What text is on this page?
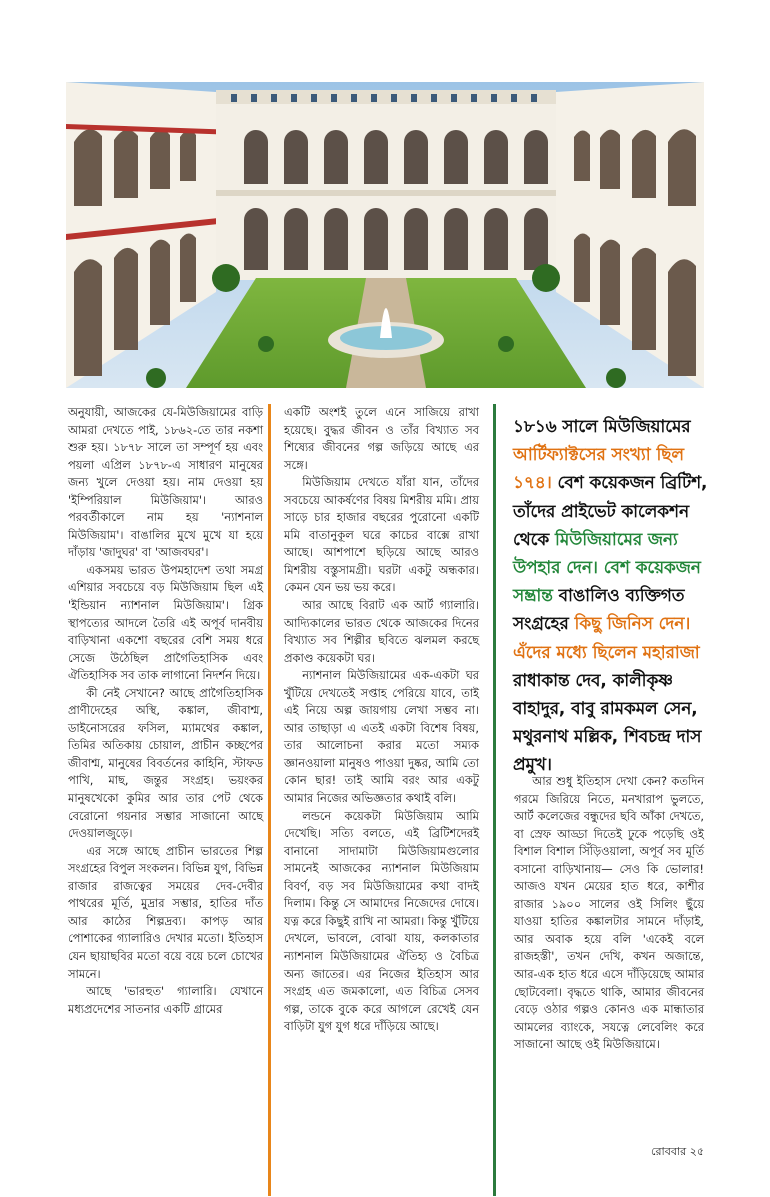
অনুযায়ী, আজকের যে-মিউজিয়ামের বাড়ি আমরা দেখতে পাই, ১৮৬২-তে তার নকশা শুরু হয়। ১৮৭৮ সালে তা সম্পূর্ণ হয় এবং পয়লা এপ্রিল ১৮৭৮-এ সাধারণ মানুষের জন্য খুলে দেওয়া হয়। নাম দেওয়া হয় 'ইম্পিরিয়াল মিউজিয়াম'। আরও পরবর্তীকালে নাম হয় 'ন্যাশনাল মিউজিয়াম'। বাঙালির মুখে মুখে যা হয়ে দাঁড়ায় 'জাদুঘর' বা 'আজবঘর'।

একসময় ভারত উপমহাদেশ তথা সমগ্র এশিয়ার সবচেয়ে বড় মিউজিয়াম ছিল এই 'ইন্ডিয়ান ন্যাশনাল মিউজিয়াম'। গ্রিক স্থাপত্যের আদলে তৈরি এই অপূর্ব দানবীয় বাড়িখানা একশো বছরের বেশি সময় ধরে সেজে উঠেছিল প্রাগৈতিহাসিক এবং ঐতিহাসিক সব তাক লাগানো নিদর্শন দিয়ে।

কী নেই সেখানে? আছে প্রাগৈতিহাসিক প্রাণীদেহের অস্থি, কঙ্কাল, জীবাশ্ম, ডাইনোসরের ফসিল, ম্যামথের কঙ্কাল, তিমির অতিকায় চোয়াল, প্রাচীন কচ্ছপের জীবাশ্ম, মানুষের বিবর্তনের কাহিনি, স্টাফড পাখি, মাছ, জন্তুর সংগ্রহ। ভয়ংকর মানুষখেকো কুমির আর তার পেট থেকে বেরোনো গয়নার সম্ভার সাজানো আছে দেওয়ালজুড়ে।

এর সঙ্গে আছে প্রাচীন ভারতের শিল্প সংগ্রহের বিপুল সংকলন। বিভিন্ন যুগ, বিভিন্ন রাজার রাজত্বের সময়ের দেব-দেবীর পাথরের মূর্তি, মুদ্রার সম্ভার, হাতির দাঁত আর কাঠের শিল্পদ্রব্য। কাপড় আর পোশাকের গ্যালারিও দেখার মতো। ইতিহাস যেন ছায়াছবির মতো বয়ে বয়ে চলে চোখের সামনে।

আছে 'ভারহুত' গ্যালারি। যেখানে মধ্যপ্রদেশের সাতনার একটি গ্রামের

একটি অংশই তুলে এনে সাজিয়ে রাখা হয়েছে। বুদ্ধর জীবন ও তাঁর বিখ্যাত সব শিষ্যের জীবনের গল্প জড়িয়ে আছে এর সঙ্গে।

মিউজিয়াম দেখতে যাঁরা যান, তাঁদের সবচেয়ে আকর্ষণের বিষয় মিশরীয় মমি। প্রায় সাড়ে চার হাজার বছরের পুরোনো একটি মমি বাতানুকূল ঘরে কাচের বাক্সে রাখা আছে। আশপাশে ছড়িয়ে আছে আরও মিশরীয় বস্তুসামগ্রী। ঘরটা একটু অন্ধকার। কেমন যেন ভয় ভয় করে।

আর আছে বিরাট এক আর্ট গ্যালারি। আদ্যিকালের ভারত থেকে আজকের দিনের বিখ্যাত সব শিল্পীর ছবিতে ঝলমল করছে প্রকাণ্ড কয়েকটা ঘর।

ন্যাশনাল মিউজিয়ামের এক-একটা ঘর খুঁটিয়ে দেখতেই সপ্তাহ পেরিয়ে যাবে, তাই এই নিয়ে অল্প জায়গায় লেখা সম্ভব না। আর তাছাড়া এ এতই একটা বিশেষ বিষয়, তার আলোচনা করার মতো সম্যক জ্ঞানওয়ালা মানুষও পাওয়া দুষ্কর, আমি তো কোন ছার! তাই আমি বরং আর একটু আমার নিজের অভিজ্ঞতার কথাই বলি।

লন্ডনে কয়েকটা মিউজিয়াম আমি দেখেছি। সত্যি বলতে, এই ব্রিটিশদেরই বানানো সাদামাটা মিউজিয়ামগুলোর সামনেই আজকের ন্যাশনাল মিউজিয়াম বিবর্ণ, বড় সব মিউজিয়ামের কথা বাদই দিলাম। কিন্তু সে আমাদের নিজেদের দোষে। যত্ন করে কিছুই রাখি না আমরা। কিন্তু খুঁটিয়ে দেখলে, ভাবলে, বোঝা যায়, কলকাতার ন্যাশনাল মিউজিয়ামের ঐতিহ্য ও বৈচিত্র অন্য জাতের। এর নিজের ইতিহাস আর সংগ্রহ এত জমকালো, এত বিচিত্র সেসব গল্প, তাকে বুকে করে আগলে রেখেই যেন বাড়িটা যুগ যুগ ধরে দাঁড়িয়ে আছে।

১৮১৬ সালে মিউজিয়ামের আর্টিফ্যাক্টসের সংখ্যা ছিল ১৭৪। বেশ কয়েকজন ব্রিটিশ, তাঁদের প্রাইভেট কালেকশন থেকে মিউজিয়ামের জন্য উপহার দেন। বেশ কয়েকজন সম্ভ্রান্ত বাঙালিও ব্যক্তিগত সংগ্রহের কিছু জিনিস দেন। এঁদের মধ্যে ছিলেন মহারাজা রাধাকান্ত দেব, কালীকৃষ্ণ বাহাদুর, বাবু রামকমল সেন, মথুরনাথ মল্লিক, শিবচন্দ্র দাস প্রমুখ।

আর শুধু ইতিহাস দেখা কেন? কতদিন গরমে জিরিয়ে নিতে, মনখারাপ ভুলতে, আর্ট কলেজের বন্ধুদের ছবি আঁকা দেখতে, বা স্রেফ আড্ডা দিতেই ঢুকে পড়েছি ওই বিশাল বিশাল সিঁড়িওয়ালা, অপূর্ব সব মূর্তি বসানো বাড়িখানায়— সেও কি ভোলার! আজও যখন মেয়ের হাত ধরে, কাশীর রাজার ১৯০০ সালের ওই সিলিং ছুঁয়ে যাওয়া হাতির কঙ্কালটার সামনে দাঁড়াই, আর অবাক হয়ে বলি 'একেই বলে রাজহস্তী', তখন দেখি, কখন অজান্তে, আর-এক হাত ধরে এসে দাঁড়িয়েছে আমার ছোটবেলা। বৃদ্ধতে থাকি, আমার জীবনের বেড়ে ওঠার গল্পও কোনও এক মান্ধাতার আমলের ব্যাংকে, সযত্নে লেবেলিং করে সাজানো আছে ওই মিউজিয়ামে।

রোববার ২৫
